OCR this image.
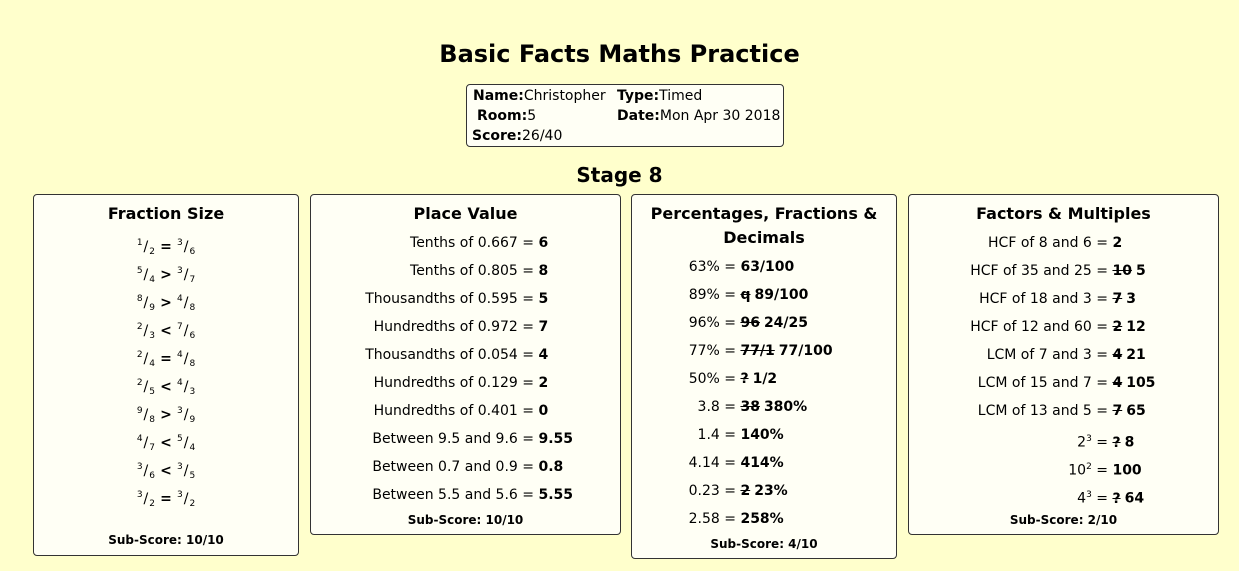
Basic Facts Maths Practice
Name:Christopher Type:Timed
Room:5	Date:Mon Apr 30 2018
Score:26/40
Stage 8
Fraction Size
$^1/_2 = ^3/_6$
$^5/_4 > ^3/_7$
$^8/_9 > ^4/_8$
$^2/_3 < ^7/_6$
$^2/_4 = ^4/_8$
$^2/_5 < ^4/_3$
$^9/_8 > ^3/_9$
$^4/_7 < ^5/_4$
$^3/_6 < ^3/_5$
$^3/_2 = ^3/_2$
Sub-Score: 10/10
Place Value
Tenths of 0.667 = 6
Tenths of 0.805 = 8
Thousandths of 0.595 = 5
Hundredths of 0.972 = 7
Thousandths of 0.054 = 4
Hundredths of 0.129 = 2
Hundredths of 0.401 = 0
Between 9.5 and 9.6 = 9.55
Between 0.7 and 0.9 = 0.8
Between 5.5 and 5.6 = 5.55
Sub-Score: 10/10
Percentages, Fractions &
Decimals
63% = 63/100
89% = q 89/100
96% = 96 24/25
77% = 77/1 77/100
50% = ? 1/2
3.8 = 38 380%
1.4 = 140%
4.14 = 414%
0.23 = 2 23%
2.58 = 258%
Sub-Score: 4/10
Factors & Multiples
HCF of 8 and 6 = 2
HCF of 35 and 25 = 10 5
HCF of 18 and 3 = 7 3
HCF of 12 and 60 = 2 12
LCM of 7 and 3 = 4 21
LCM of 15 and 7 = 4 105
LCM of 13 and 5 = 7 65
$2^3$ = ? 8
$10^2 = 100$
$4^3$ = ? 64
Sub-Score: 2/10
